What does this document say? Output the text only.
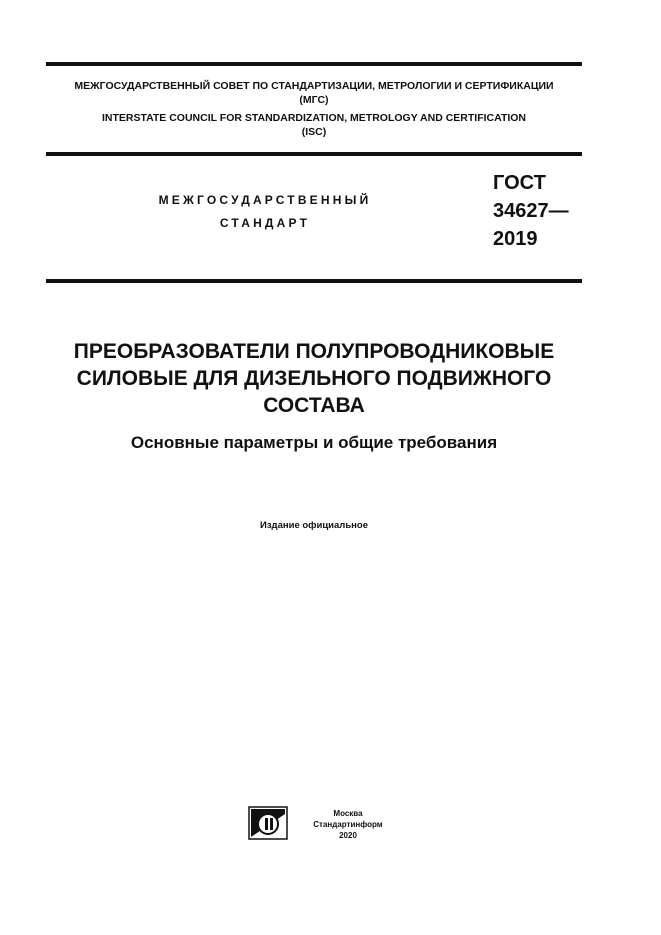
МЕЖГОСУДАРСТВЕННЫЙ СОВЕТ ПО СТАНДАРТИЗАЦИИ, МЕТРОЛОГИИ И СЕРТИФИКАЦИИ
(МГС)
INTERSTATE COUNCIL FOR STANDARDIZATION, METROLOGY AND CERTIFICATION
(ISC)
МЕЖГОСУДАРСТВЕННЫЙ
СТАНДАРТ
ГОСТ
34627—
2019
ПРЕОБРАЗОВАТЕЛИ ПОЛУПРОВОДНИКОВЫЕ
СИЛОВЫЕ ДЛЯ ДИЗЕЛЬНОГО ПОДВИЖНОГО
СОСТАВА
Основные параметры и общие требования
Издание официальное
Москва
Стандартинформ
2020
